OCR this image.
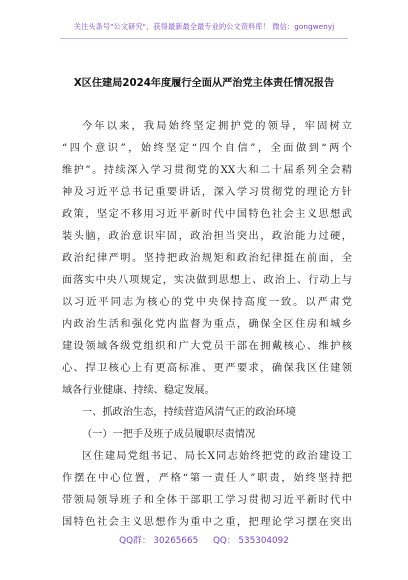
关注头条号"公文研究"，获得最新最全最专业的公文资料库！ 微信：gongwenyj
X区住建局2024年度履行全面从严治党主体责任情况报告
今年以来，我局始终坚定拥护党的领导，牢固树立
“四个意识”，始终坚定“四个自信”，全面做到“两个
维护”。持续深入学习贯彻党的XX大和二十届系列全会精
神及习近平总书记重要讲话，深入学习贯彻党的理论方针
政策，坚定不移用习近平新时代中国特色社会主义思想武
装头脑，政治意识牢固，政治担当突出，政治能力过硬，
政治纪律严明。坚持把政治规矩和政治纪律挺在前面，全
面落实中央八项规定，实决做到思想上、政治上、行动上与
以习近平同志为核心的党中央保持高度一致。以严肃党
内政治生活和强化党内监督为重点，确保全区住房和城乡
建设领域各级党组织和广大党员干部在拥戴核心、维护核
心、捍卫核心上有更高标准、更严要求，确保我区住建领
域各行业健康、持续、稳定发展。
一、抓政治生态，持续营造风清气正的政治环境
（一）一把手及班子成员履职尽责情况
区住建局党组书记、局长X同志始终把党的政治建设工
作摆在中心位置，严格“第一责任人”职责，始终坚持把
带领局领导班子和全体干部职工学习贯彻习近平新时代中
国特色社会主义思想作为重中之重，把理论学习摆在突出
QQ群： 30265665 QQ： 535304092
